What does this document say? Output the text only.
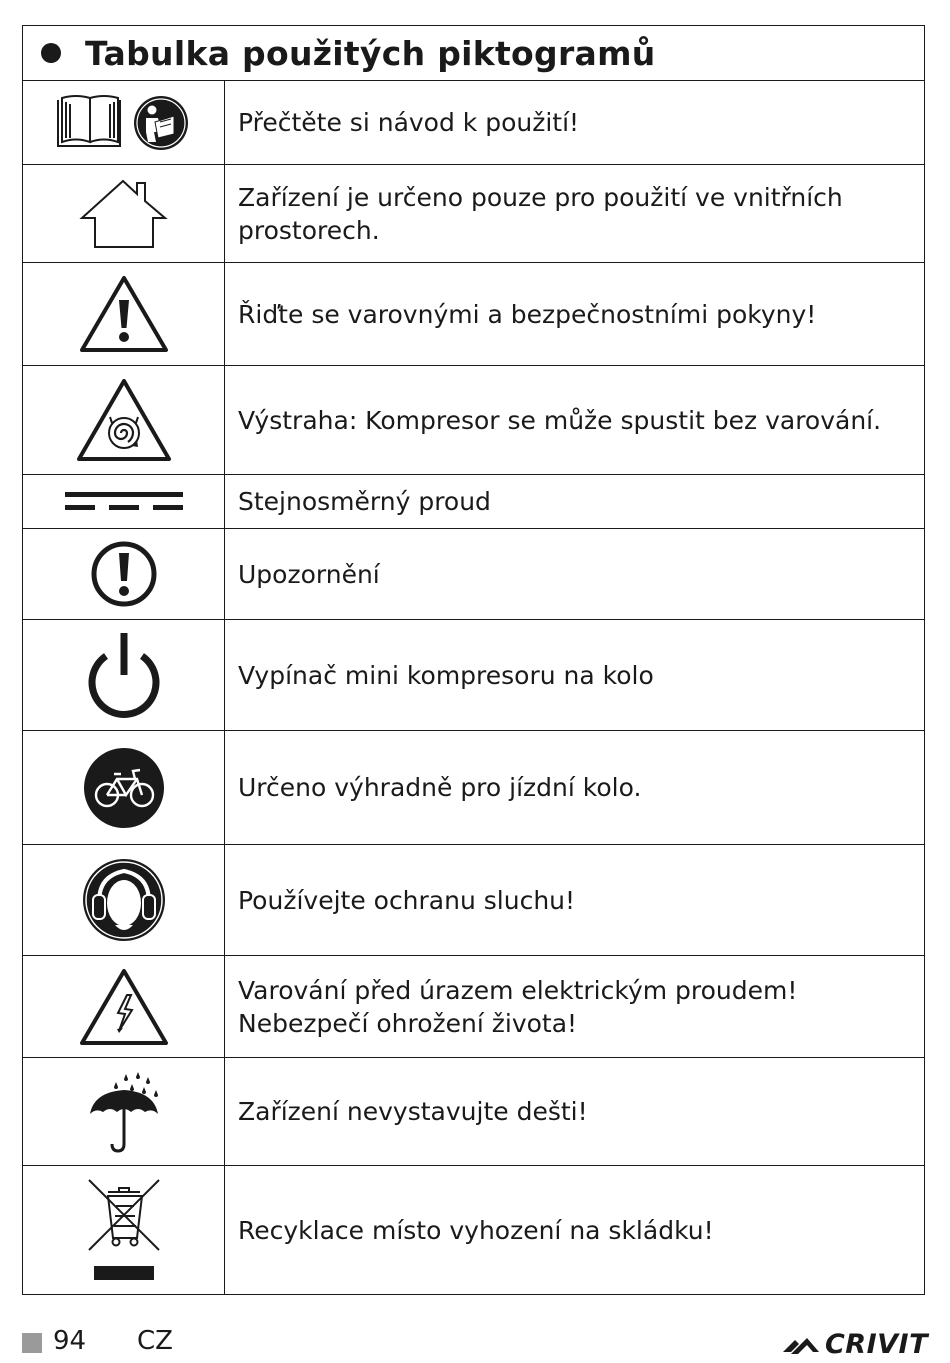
Tabulka použitých piktogramů
Přečtěte si návod k použití!
Zařízení je určeno pouze pro použití ve vnitřních prostorech.
Řiďte se varovnými a bezpečnostními pokyny!
Výstraha: Kompresor se může spustit bez varování.
Stejnosměrný proud
Upozornění
Vypínač mini kompresoru na kolo
Určeno výhradně pro jízdní kolo.
Používejte ochranu sluchu!
Varování před úrazem elektrickým proudem!
Nebezpečí ohrožení života!
Zařízení nevystavujte dešti!
Recyklace místo vyhození na skládku!
94 CZ	CRIVIT
